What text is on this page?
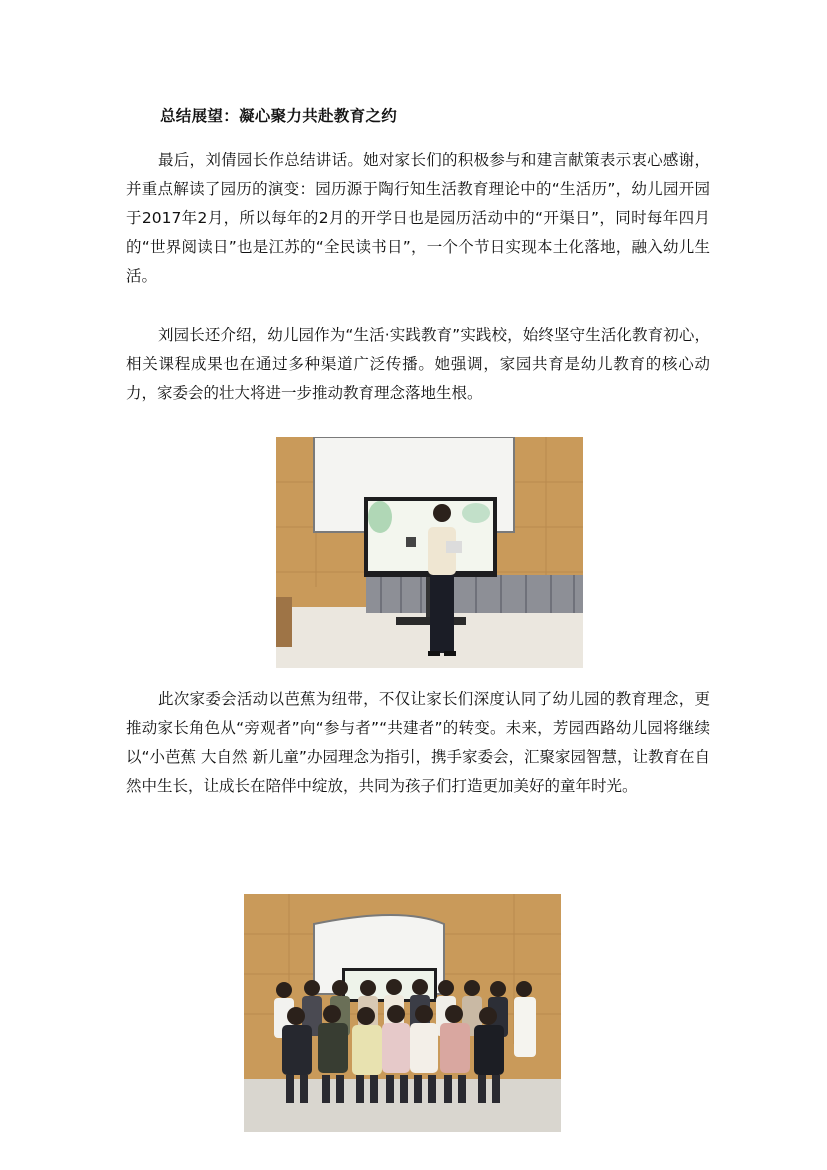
总结展望：凝心聚力共赴教育之约

最后，刘倩园长作总结讲话。她对家长们的积极参与和建言献策表示衷心感谢，并重点解读了园历的演变：园历源于陶行知生活教育理论中的“生活历”，幼儿园开园于2017年2月，所以每年的2月的开学日也是园历活动中的“开渠日”，同时每年四月的“世界阅读日”也是江苏的“全民读书日”，一个个节日实现本土化落地，融入幼儿生活。

刘园长还介绍，幼儿园作为“生活·实践教育”实践校，始终坚守生活化教育初心，相关课程成果也在通过多种渠道广泛传播。她强调，家园共育是幼儿教育的核心动力，家委会的壮大将进一步推动教育理念落地生根。

此次家委会活动以芭蕉为纽带，不仅让家长们深度认同了幼儿园的教育理念，更推动家长角色从“旁观者”向“参与者”“共建者”的转变。未来，芳园西路幼儿园将继续以“小芭蕉 大自然 新儿童”办园理念为指引，携手家委会，汇聚家园智慧，让教育在自然中生长，让成长在陪伴中绽放，共同为孩子们打造更加美好的童年时光。
